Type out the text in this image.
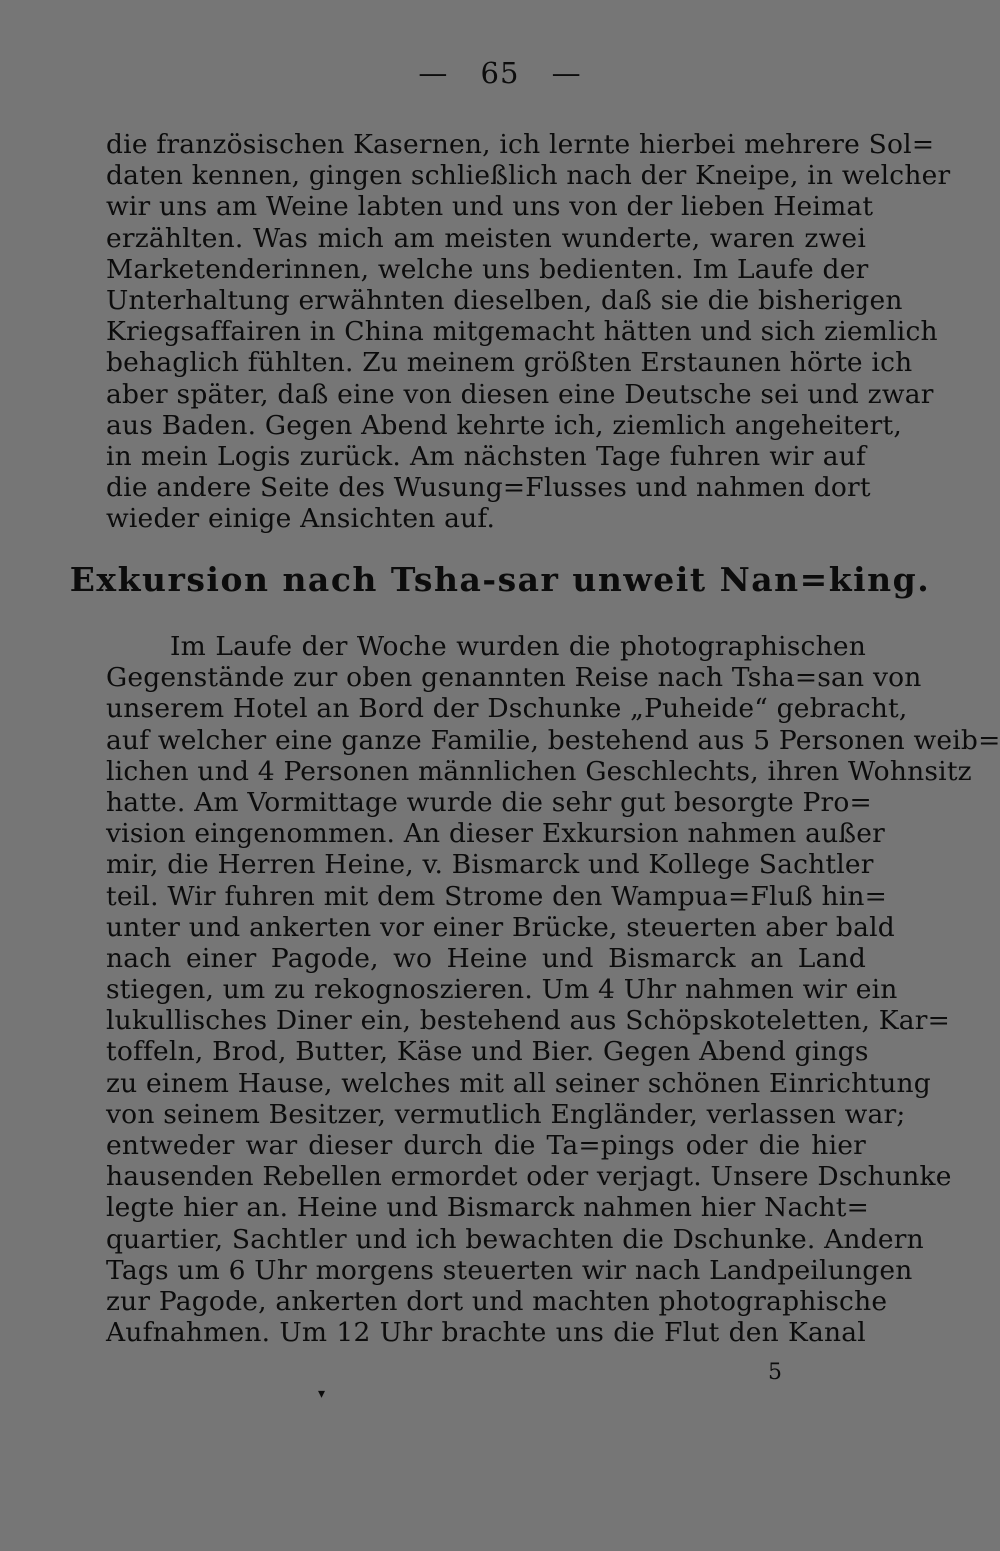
— 65 —
die französischen Kasernen, ich lernte hierbei mehrere Sol=
daten kennen, gingen schließlich nach der Kneipe, in welcher
wir uns am Weine labten und uns von der lieben Heimat
erzählten. Was mich am meisten wunderte, waren zwei
Marketenderinnen, welche uns bedienten. Im Laufe der
Unterhaltung erwähnten dieselben, daß sie die bisherigen
Kriegsaffairen in China mitgemacht hätten und sich ziemlich
behaglich fühlten. Zu meinem größten Erstaunen hörte ich
aber später, daß eine von diesen eine Deutsche sei und zwar
aus Baden. Gegen Abend kehrte ich, ziemlich angeheitert,
in mein Logis zurück. Am nächsten Tage fuhren wir auf
die andere Seite des Wusung=Flusses und nahmen dort
wieder einige Ansichten auf.
Exkursion nach Tsha-sar unweit Nan=king.
Im Laufe der Woche wurden die photographischen
Gegenstände zur oben genannten Reise nach Tsha=san von
unserem Hotel an Bord der Dschunke „Puheide“ gebracht,
auf welcher eine ganze Familie, bestehend aus 5 Personen weib=
lichen und 4 Personen männlichen Geschlechts, ihren Wohnsitz
hatte. Am Vormittage wurde die sehr gut besorgte Pro=
vision eingenommen. An dieser Exkursion nahmen außer
mir, die Herren Heine, v. Bismarck und Kollege Sachtler
teil. Wir fuhren mit dem Strome den Wampua=Fluß hin=
unter und ankerten vor einer Brücke, steuerten aber bald
nach einer Pagode, wo Heine und Bismarck an Land
stiegen, um zu rekognoszieren. Um 4 Uhr nahmen wir ein
lukullisches Diner ein, bestehend aus Schöpskoteletten, Kar=
toffeln, Brod, Butter, Käse und Bier. Gegen Abend gings
zu einem Hause, welches mit all seiner schönen Einrichtung
von seinem Besitzer, vermutlich Engländer, verlassen war;
entweder war dieser durch die Ta=pings oder die hier
hausenden Rebellen ermordet oder verjagt. Unsere Dschunke
legte hier an. Heine und Bismarck nahmen hier Nacht=
quartier, Sachtler und ich bewachten die Dschunke. Andern
Tags um 6 Uhr morgens steuerten wir nach Landpeilungen
zur Pagode, ankerten dort und machten photographische
Aufnahmen. Um 12 Uhr brachte uns die Flut den Kanal
5
▾
